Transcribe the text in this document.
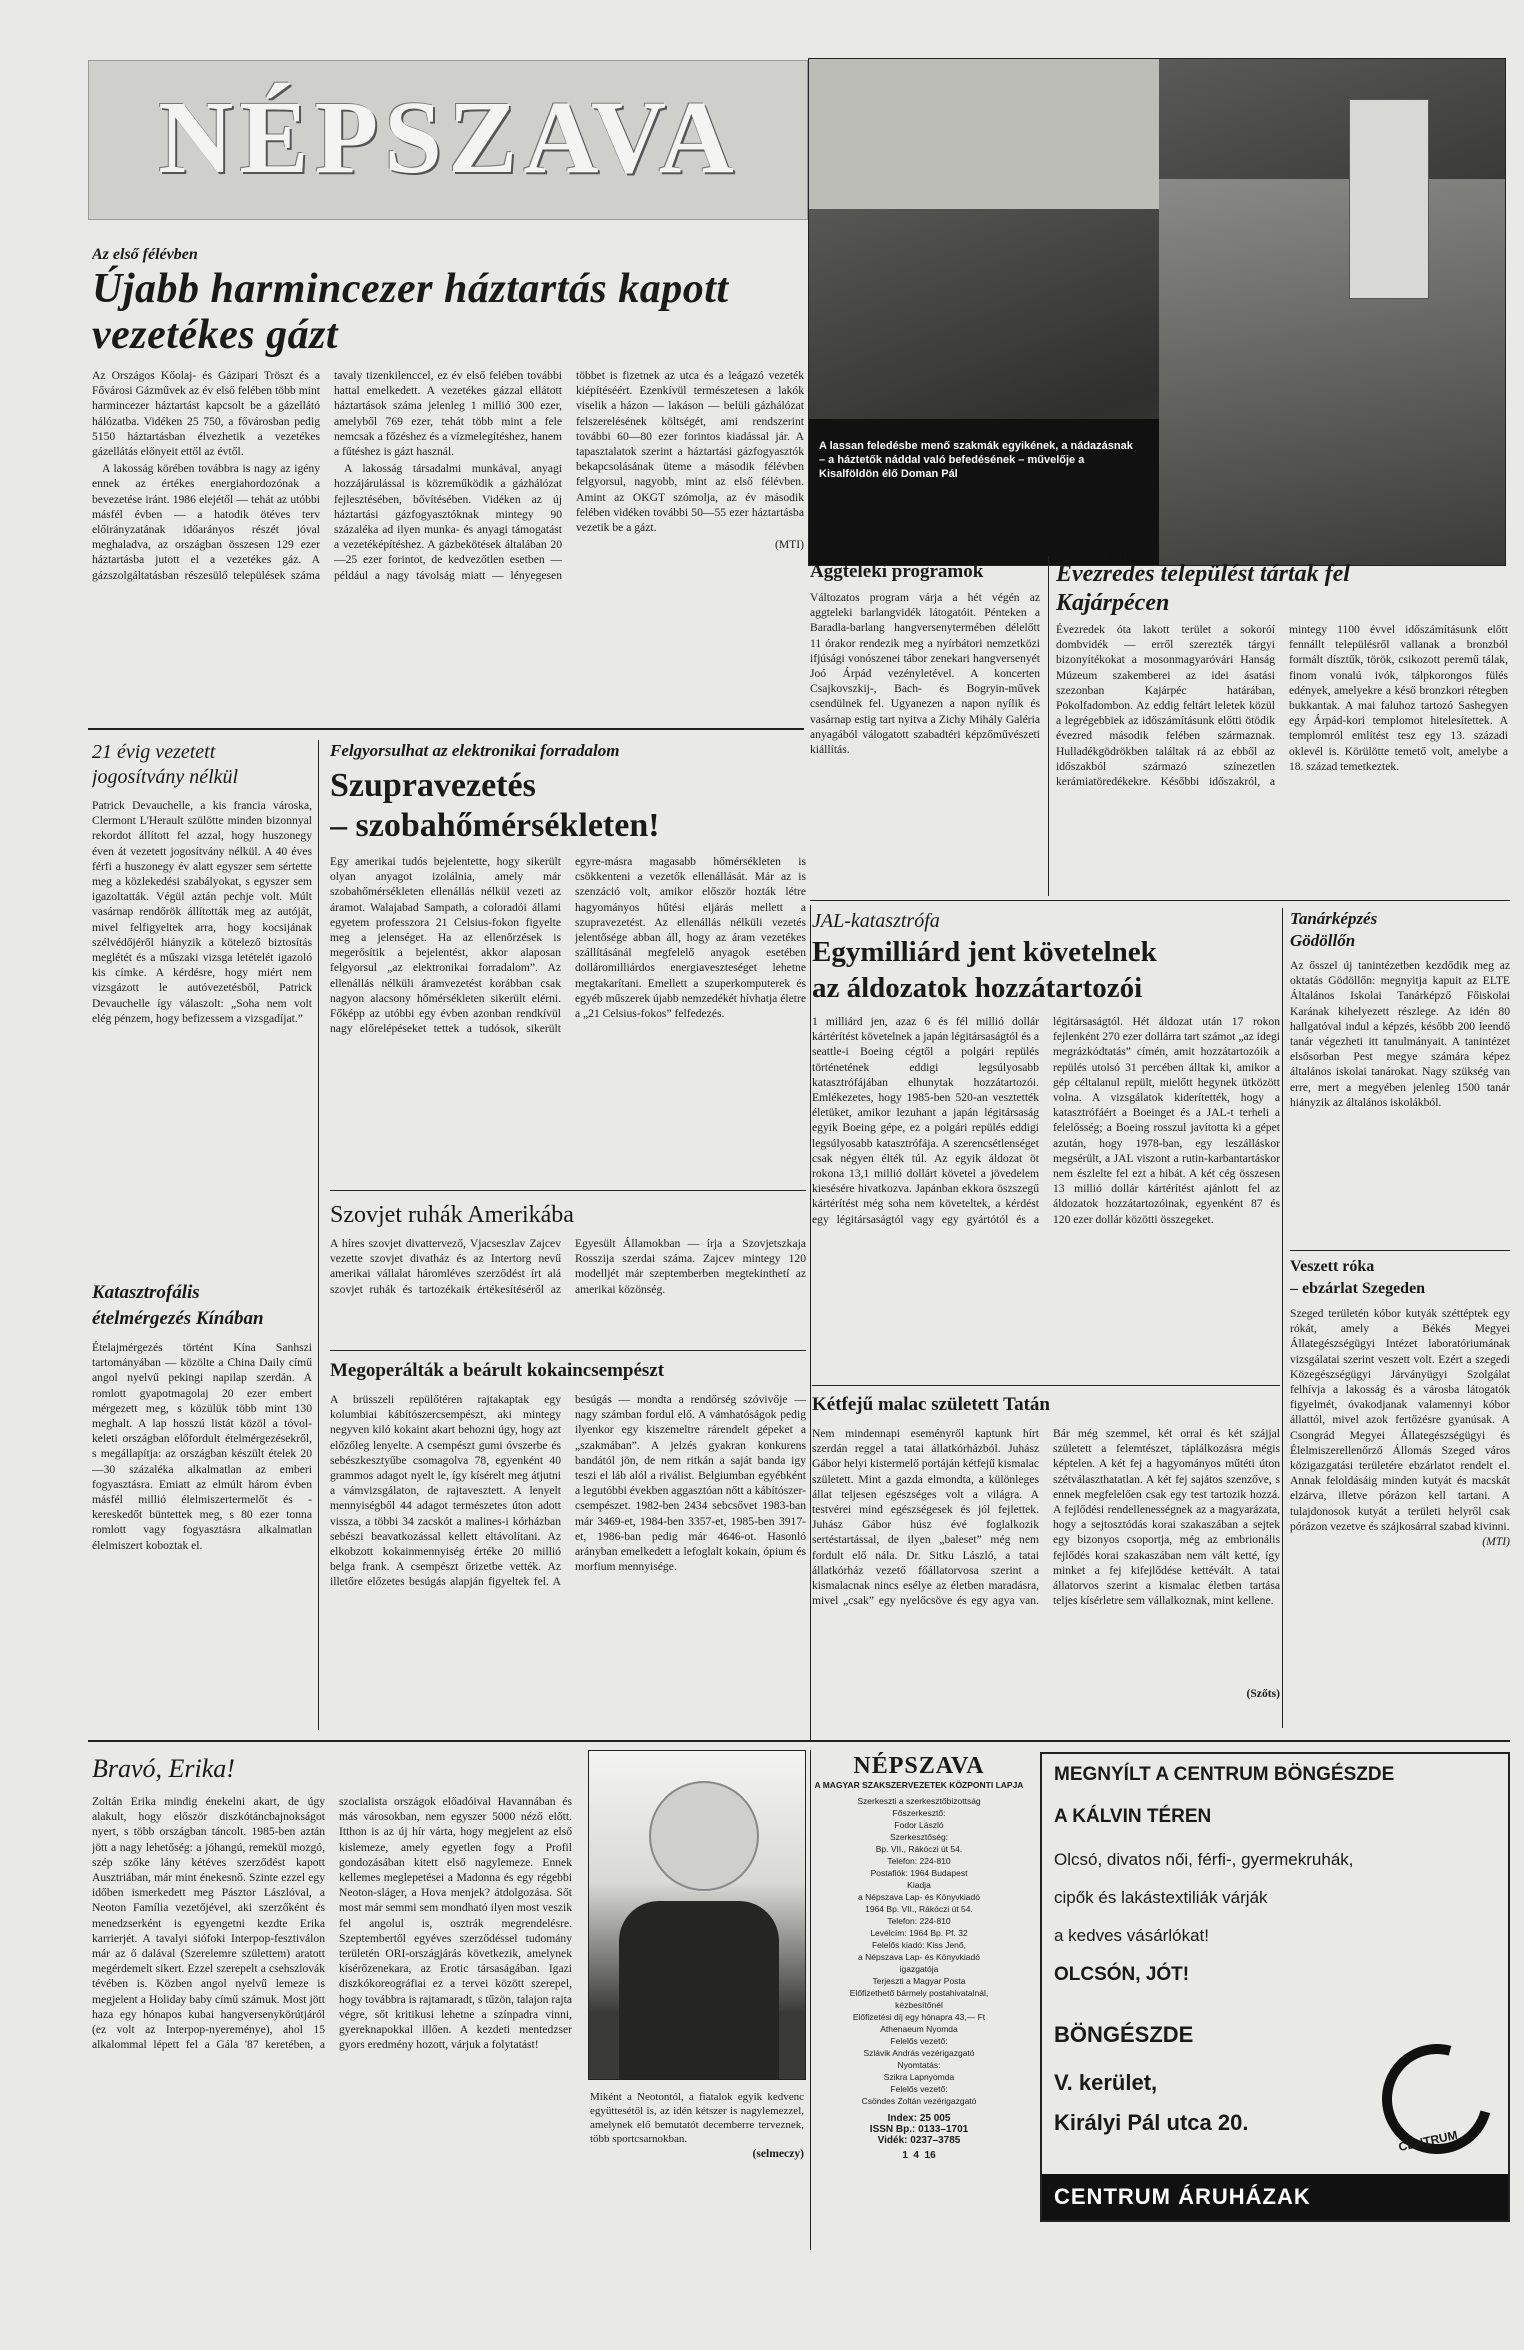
NÉPSZAVA
Az első félévben
Újabb harmincezer háztartás kapott vezetékes gázt

Az Országos Kőolaj- és Gázipari Tröszt és a Fővárosi Gázművek az év első felében több mint harmincezer háztartást kapcsolt be a gázellátó hálózatba. Vidéken 25 750, a fővárosban pedig 5150 háztartásban élvezhetik a vezetékes gázellátás előnyeit ettől az évtől.

A lakosság körében továbbra is nagy az igény ennek az értékes energiahordozónak a bevezetése iránt. 1986 elejétől — tehát az utóbbi másfél évben — a hatodik ötéves terv előirányzatának időarányos részét jóval meghaladva, az országban összesen 129 ezer háztartásba jutott el a vezetékes gáz. A gázszolgáltatásban részesülő települések száma tavaly tizenkilenccel, ez év első felében további hattal emelkedett. A vezetékes gázzal ellátott háztartások száma jelenleg 1 millió 300 ezer, amelyből 769 ezer, tehát több mint a fele nemcsak a főzéshez és a vízmelegítéshez, hanem a fűtéshez is gázt használ.

A lakosság társadalmi munkával, anyagi hozzájárulással is közreműködik a gázhálózat fejlesztésében, bővítésében. Vidéken az új háztartási gázfogyasztóknak mintegy 90 százaléka ad ilyen munka- és anyagi támogatást a vezetéképítéshez. A gázbekötések általában 20—25 ezer forintot, de kedvezőtlen esetben — például a nagy távolság miatt — lényegesen többet is fizetnek az utca és a leágazó vezeték kiépítéséért. Ezenkívül természetesen a lakók viselik a házon — lakáson — belüli gázhálózat felszerelésének költségét, ami rendszerint további 60—80 ezer forintos kiadással jár. A tapasztalatok szerint a háztartási gázfogyasztók bekapcsolásának üteme a második félévben felgyorsul, nagyobb, mint az első félévben. Amint az OKGT szómolja, az év második felében vidéken további 50—55 ezer háztartásba vezetik be a gázt.

(MTI)

A lassan feledésbe menő szakmák egyikének, a nádazásnak – a háztetők náddal való befedésének – művelője a Kisalföldön élő Doman Pál
MTI Fotó
Aggteleki programok
Változatos program várja a hét végén az aggteleki barlangvidék látogatóit. Pénteken a Baradla-barlang hangversenytermében délelőtt 11 órakor rendezik meg a nyírbátori nemzetközi ifjúsági vonószenei tábor zenekari hangversenyét Joó Árpád vezényletével. A koncerten Csajkovszkij-, Bach- és Bogryin-művek csendülnek fel. Ugyanezen a napon nyílik és vasárnap estig tart nyitva a Zichy Mihály Galéria anyagából válogatott szabadtéri képzőművészeti kiállítás.
Évezredes települést tártak fel
Kajárpécen
Évezredek óta lakott terület a sokoróí dombvidék — erről szerezték tárgyi bizonyítékokat a mosonmagyaróvári Hanság Múzeum szakemberei az idei ásatási szezonban Kajárpéc határában, Pokolfadombon. Az eddig feltárt leletek közül a legrégebbiek az időszámításunk előtti ötödik évezred második felében származnak. Hulladékgödrökben találtak rá az ebből az időszakból származó színezetlen kerámiatöredékekre. Későbbi időszakról, a mintegy 1100 évvel időszámításunk előtt fennállt településről vallanak a bronzból formált dísztűk, török, csikozott peremű tálak, finom vonalú ivók, tálpkorongos fülés edények, amelyekre a késő bronzkori rétegben bukkantak. A mai faluhoz tartozó Sashegyen egy Árpád-kori templomot hitelesítettek. A templomról említést tesz egy 13. századi oklevél is. Körülötte temető volt, amelybe a 18. század temetkeztek.
21 évig vezetett
jogosítvány nélkül
Patrick Devauchelle, a kis francia városka, Clermont L'Herault szülötte minden bizonnyal rekordot állított fel azzal, hogy huszonegy éven át vezetett jogosítvány nélkül. A 40 éves férfi a huszonegy év alatt egyszer sem sértette meg a közlekedési szabályokat, s egyszer sem igazoltatták. Végül aztán pechje volt. Múlt vasárnap rendőrök állították meg az autóját, mivel felfigyeltek arra, hogy kocsijának szélvédőjéről hiányzik a kötelező biztosítás meglétét és a műszaki vizsga letételét igazoló kis címke. A kérdésre, hogy miért nem vizsgázott le autóvezetésből, Patrick Devauchelle így válaszolt: „Soha nem volt elég pénzem, hogy befizessem a vizsgadíjat.”
Katasztrofális ételmérgezés Kínában
Ételajmérgezés történt Kína Sanhszi tartományában — közölte a China Daily című angol nyelvű pekingi napilap szerdán. A romlott gyapotmagolaj 20 ezer embert mérgezett meg, s közülük több mint 130 meghalt. A lap hosszú listát közöl a tóvol-keleti országban előfordult ételmérgezésekről, s megállapítja: az országban készült ételek 20—30 százaléka alkalmatlan az emberi fogyasztásra. Emiatt az elmúlt három évben másfél millió élelmiszertermelőt és -kereskedőt büntettek meg, s 80 ezer tonna romlott vagy fogyasztásra alkalmatlan élelmiszert koboztak el.
Felgyorsulhat az elektronikai forradalom
Szupravezetés
– szobahőmérsékleten!
Egy amerikai tudós bejelentette, hogy sikerült olyan anyagot izolálnia, amely már szobahőmérsékleten ellenállás nélkül vezeti az áramot. Walajabad Sampath, a coloradói állami egyetem professzora 21 Celsius-fokon figyelte meg a jelenséget. Ha az ellenőrzések is megerősítik a bejelentést, akkor alaposan felgyorsul „az elektronikai forradalom”. Az ellenállás nélküli áramvezetést korábban csak nagyon alacsony hőmérsékleten sikerült elérni. Főképp az utóbbi egy évben azonban rendkívül nagy előrelépéseket tettek a tudósok, sikerült egyre-másra magasabb hőmérsékleten is csökkenteni a vezetők ellenállását. Már az is szenzáció volt, amikor először hozták létre hagyományos hűtési eljárás mellett a szupravezetést. Az ellenállás nélküli vezetés jelentősége abban áll, hogy az áram vezetékes szállításánál megfelelő anyagok esetében dolláromilliárdos energiaveszteséget lehetne megtakarítani. Emellett a szuperkomputerek és egyéb műszerek újabb nemzedékét hívhatja életre a „21 Celsius-fokos” felfedezés.
Szovjet ruhák Amerikába
A híres szovjet divattervező, Vjacseszlav Zajcev vezette szovjet divatház és az Intertorg nevű amerikai vállalat háromléves szerződést írt alá szovjet ruhák és tartozékaik értékesítéséről az Egyesült Államokban — írja a Szovjetszkaja Rosszija szerdai száma. Zajcev mintegy 120 modelljét már szeptemberben megtekinthetí az amerikai közönség.
Megoperálták a beárult kokaincsempészt
A brüsszeli repülőtéren rajtakaptak egy kolumbiai kábítószercsempészt, aki mintegy negyven kiló kokaint akart behozni úgy, hogy azt előzőleg lenyelte. A csempészt gumi óvszerbe és sebészkesztyűbe csomagolva 78, egyenként 40 grammos adagot nyelt le, így kísérelt meg átjutni a vámvizsgálaton, de rajtavesztett. A lenyelt mennyiségből 44 adagot természetes úton adott vissza, a többi 34 zacskót a malines-i kórházban sebészi beavatkozással kellett eltávolítani. Az elkobzott kokainmennyiség értéke 20 millió belga frank. A csempészt őrizetbe vették. Az illetőre előzetes besúgás alapján figyeltek fel. A besúgás — mondta a rendőrség szóvivője — nagy számban fordul elő. A vámhatóságok pedig ilyenkor egy kiszemeltre rárendelt gépeket a „szakmában”. A jelzés gyakran konkurens bandától jön, de nem ritkán a saját banda igy teszi el láb alól a riválist. Belgiumban egyébként a legutóbbi években aggasztóan nőtt a kábítószer-csempészet. 1982-ben 2434 sebcsővet 1983-ban már 3469-et, 1984-ben 3357-et, 1985-ben 3917-et, 1986-ban pedig már 4646-ot. Hasonló arányban emelkedett a lefoglalt kokain, ópium és morfium mennyisége.
JAL-katasztrófa
Egymilliárd jent követelnek az áldozatok hozzátartozói
1 milliárd jen, azaz 6 és fél millió dollár kártérítést követelnek a japán légitársaságtól és a seattle-i Boeing cégtől a polgári repülés történetének eddigi legsúlyosabb katasztrófájában elhunytak hozzátartozói. Emlékezetes, hogy 1985-ben 520-an vesztették életüket, amikor lezuhant a japán légitársaság egyik Boeing gépe, ez a polgári repülés eddigi legsúlyosabb katasztrófája. A szerencsétlenséget csak négyen élték túl. Az egyik áldozat öt rokona 13,1 millió dollárt követel a jövedelem kiesésére hivatkozva. Japánban ekkora öszszegű kártérítést még soha nem követeltek, a kérdést egy légitársaságtól vagy egy gyártótól és a légitársaságtól. Hét áldozat után 17 rokon fejlenként 270 ezer dollárra tart számot „az idegi megrázkódtatás” címén, amit hozzátartozóik a repülés utolsó 31 percében álltak ki, amikor a gép céltalanul repült, mielőtt hegynek ütközött volna. A vizsgálatok kiderítették, hogy a katasztrófáért a Boeinget és a JAL-t terheli a felelősség; a Boeing rosszul javította ki a gépet azután, hogy 1978-ban, egy leszálláskor megsérült, a JAL viszont a rutin-karbantartáskor nem észlelte fel ezt a hibát. A két cég összesen 13 millió dollár kártérítést ajánlott fel az áldozatok hozzátartozóinak, egyenként 87 és 120 ezer dollár közötti összegeket.
Tanárképzés
Gödöllőn
Az ősszel új tanintézetben kezdődik meg az oktatás Gödöllőn: megnyitja kapuit az ELTE Általános Iskolai Tanárképző Főiskolai Karának kihelyezett részlege. Az idén 80 hallgatóval indul a képzés, később 200 leendő tanár végezheti itt tanulmányait. A tanintézet elsősorban Pest megye számára képez általános iskolai tanárokat. Nagy szükség van erre, mert a megyében jelenleg 1500 tanár hiányzik az általános iskolákból.
Veszett róka
– ebzárlat Szegeden
Szeged területén kóbor kutyák széttéptek egy rókát, amely a Békés Megyei Állategészségügyi Intézet laboratóriumának vizsgálatai szerint veszett volt. Ezért a szegedi Közegészségügyi Járványügyi Szolgálat felhívja a lakosság és a városba látogatók figyelmét, óvakodjanak valamennyi kóbor állattól, mivel azok fertőzésre gyanúsak. A Csongrád Megyei Állategészségügyi és Élelmiszerellenőrző Állomás Szeged város közigazgatási területére ebzárlatot rendelt el. Annak feloldásáig minden kutyát és macskát elzárva, illetve pórázon kell tartani. A tulajdonosok kutyát a területi helyről csak pórázon vezetve és szájkosárral szabad kivinni.
(MTI)
Kétfejű malac született Tatán
Nem mindennapi eseményről kaptunk hírt szerdán reggel a tatai állatkórházból. Juhász Gábor helyi kistermelő portáján kétfejű kismalac született. Mint a gazda elmondta, a különleges állat teljesen egészséges volt a világra. A testvérei mind egészségesek és jól fejlettek. Juhász Gábor húsz évé foglalkozik sertéstartással, de ilyen „baleset” még nem fordult elő nála. Dr. Sitku László, a tatai állatkórház vezető főállatorvosa szerint a kismalacnak nincs esélye az életben maradásra, mivel „csak” egy nyelőcsöve és egy agya van. Bár még szemmel, két orral és két szájjal született a felemtészet, táplálkozásra mégis képtelen. A két fej a hagyományos műtéti úton szétválaszthatatlan. A két fej sajátos szenzőve, s ennek megfelelően csak egy test tartozik hozzá. A fejlődési rendellenességnek az a magyarázata, hogy a sejtosztódás korai szakaszában a sejtek egy bizonyos csoportja, még az embrionális fejlődés korai szakaszában nem vált ketté, így minket a fej kifejlődése kettévált. A tatai állatorvos szerint a kismalac életben tartása teljes kísérletre sem vállalkoznak, mint kellene.
(Szőts)
Bravó, Erika!
Zoltán Erika mindig énekelni akart, de úgy alakult, hogy először diszkótáncbajnokságot nyert, s több országban táncolt. 1985-ben aztán jött a nagy lehetőség: a jóhangú, remekül mozgó, szép szőke lány kétéves szerződést kapott Ausztriában, már mint énekesnő. Szinte ezzel egy időben ismerkedett meg Pásztor Lászlóval, a Neoton Família vezetőjével, aki szerzőként és menedzserként is egyengetni kezdte Erika karrierjét. A tavalyi siófoki Interpop-fesztiválon már az ő dalával (Szerelemre születtem) aratott megérdemelt sikert. Ezzel szerepelt a csehszlovák tévében is. Közben angol nyelvű lemeze is megjelent a Holiday baby című számuk. Most jött haza egy hónapos kubai hangversenykörútjáról (ez volt az Interpop-nyereménye), ahol 15 alkalommal lépett fel a Gála '87 keretében, a szocialista országok előadóival Havannában és más városokban, nem egyszer 5000 néző előtt. Itthon is az új hír várta, hogy megjelent az első kislemeze, amely egyetlen fogy a Profil gondozásában kitett első nagylemeze. Ennek kellemes meglepetései a Madonna és egy régebbi Neoton-sláger, a Hova menjek? átdolgozása. Sőt most már semmi sem mondható ilyen most veszik fel angolul is, osztrák megrendelésre. Szeptembertől egyéves szerződéssel tudomány területén ORI-országjárás következik, amelynek kísérőzenekara, az Erotic társaságában. Igazi diszkókoreográfiai ez a tervei között szerepel, hogy továbbra is rajtamaradt, s tűzön, talajon rajta végre, sőt kritikusi lehetne a színpadra vinni, gyereknapokkal illően. A kezdeti mentedzser gyors eredmény hozott, várjuk a folytatást!
Miként a Neotontól, a fiatalok egyik kedvenc együttesétől is, az idén kétszer is nagylemezzel, amelynek elő bemutatót decemberre terveznek, több sportcsarnokban.
(selmeczy)
NÉPSZAVA
A MAGYAR SZAKSZERVEZETEK KÖZPONTI LAPJA
Szerkeszti a szerkesztőbizottság
Főszerkesztő:
Fodor László
Szerkesztőség:
Bp. VII., Rákóczi út 54.
Telefon: 224-810
Postafiók: 1964 Budapest
Kiadja
a Népszava Lap- és Könyvkiadó
1964 Bp. VII., Rákóczi út 54.
Telefon: 224-810
Levélcím: 1964 Bp. Pf. 32
Felelős kiadó: Kiss Jenő,
a Népszava Lap- és Könyvkiadó
igazgatója
Terjeszti a Magyar Posta
Előfizethető bármely postahivatalnál,
kézbesítőnél
Előfizetési díj egy hónapra 43,— Ft
Athenaeum Nyomda
Felelős vezető:
Szlávik András vezérigazgató
Nyomtatás:
Szikra Lapnyomda
Felelős vezető:
Csöndes Zoltán vezérigazgató
Index: 25 005
ISSN Bp.: 0133–1701
Vidék: 0237–3785
1  4  16
MEGNYÍLT A CENTRUM BÖNGÉSZDE
A KÁLVIN TÉREN
Olcsó, divatos női, férfi-, gyermekruhák,
cipők és lakástextiliák várják
a kedves vásárlókat!
OLCSÓN, JÓT!
BÖNGÉSZDE
V. kerület,
Királyi Pál utca 20.
CENTRUM
CENTRUM ÁRUHÁZAK
